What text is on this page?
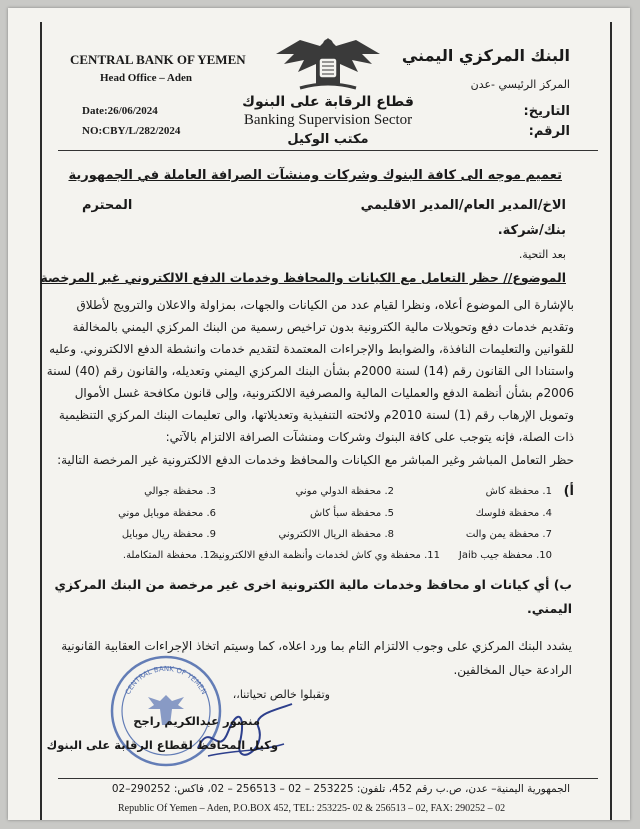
CENTRAL BANK OF YEMEN
Head Office – Aden
Date:26/06/2024
NO:CBY/L/282/2024
البنك المركزي اليمني
المركز الرئيسي -عدن
التاريخ:
الرقم:
قطاع الرقابة على البنوك
Banking Supervision Sector
مكتب الوكيل
تعميم موجه الى كافة البنوك وشركات ومنشآت الصرافة العاملة في الجمهورية
الاخ/المدير العام/المدير الاقليمي
المحترم
بنك/شركة.
بعد التحية.
الموضوع// حظر التعامل مع الكيانات والمحافظ وخدمات الدفع الالكتروني غير المرخصة
بالإشارة الى الموضوع أعلاه، ونظرا لقيام عدد من الكيانات والجهات، بمزاولة والاعلان والترويج لأطلاق وتقديم خدمات دفع وتحويلات مالية الكترونية بدون تراخيص رسمية من البنك المركزي اليمني بالمخالفة للقوانين والتعليمات النافذة، والضوابط والإجراءات المعتمدة لتقديم خدمات وانشطة الدفع الالكتروني. وعليه واستنادا الى القانون رقم (14) لسنة 2000م بشأن البنك المركزي اليمني وتعديله، والقانون رقم (40) لسنة 2006م بشأن أنظمة الدفع والعمليات المالية والمصرفية الالكترونية، وإلى قانون مكافحة غسل الأموال وتمويل الإرهاب رقم (1) لسنة 2010م ولائحته التنفيذية وتعديلاتها، والى تعليمات البنك المركزي التنظيمية ذات الصلة، فإنه يتوجب على كافة البنوك وشركات ومنشآت الصرافة الالتزام بالآتي:
حظر التعامل المباشر وغير المباشر مع الكيانات والمحافظ وخدمات الدفع الالكترونية غير المرخصة التالية:
أ)
1. محفظة كاش
2. محفظة الدولي موني
3. محفظة جوالي
4. محفظة فلوسك
5. محفظة سبأ كاش
6. محفظة موبايل موني
7. محفظة يمن والت
8. محفظة الريال الالكتروني
9. محفظة ريال موبايل
10. محفظة جيب Jaib
11. محفظة وي كاش لخدمات وأنظمة الدفع الالكترونية
12. محفظة المتكاملة.
ب) أي كيانات او محافظ وخدمات مالية الكترونية اخرى غير مرخصة من البنك المركزي اليمني.
يشدد البنك المركزي على وجوب الالتزام التام بما ورد اعلاه، كما وسيتم اتخاذ الإجراءات العقابية القانونية الرادعة حيال المخالفين.
وتقبلوا خالص تحياتنا،،
CENTRAL BANK OF YEMEN
منصور عبدالكريم راجح
وكيل المحافظ لقطاع الرقابة على البنوك
الجمهورية اليمنية– عدن، ص.ب رقم 452، تلفون: 253225 – 02 – 256513 – 02، فاكس: 290252–02
Republic Of Yemen – Aden, P.O.BOX 452, TEL: 253225- 02 & 256513 – 02, FAX: 290252 – 02
